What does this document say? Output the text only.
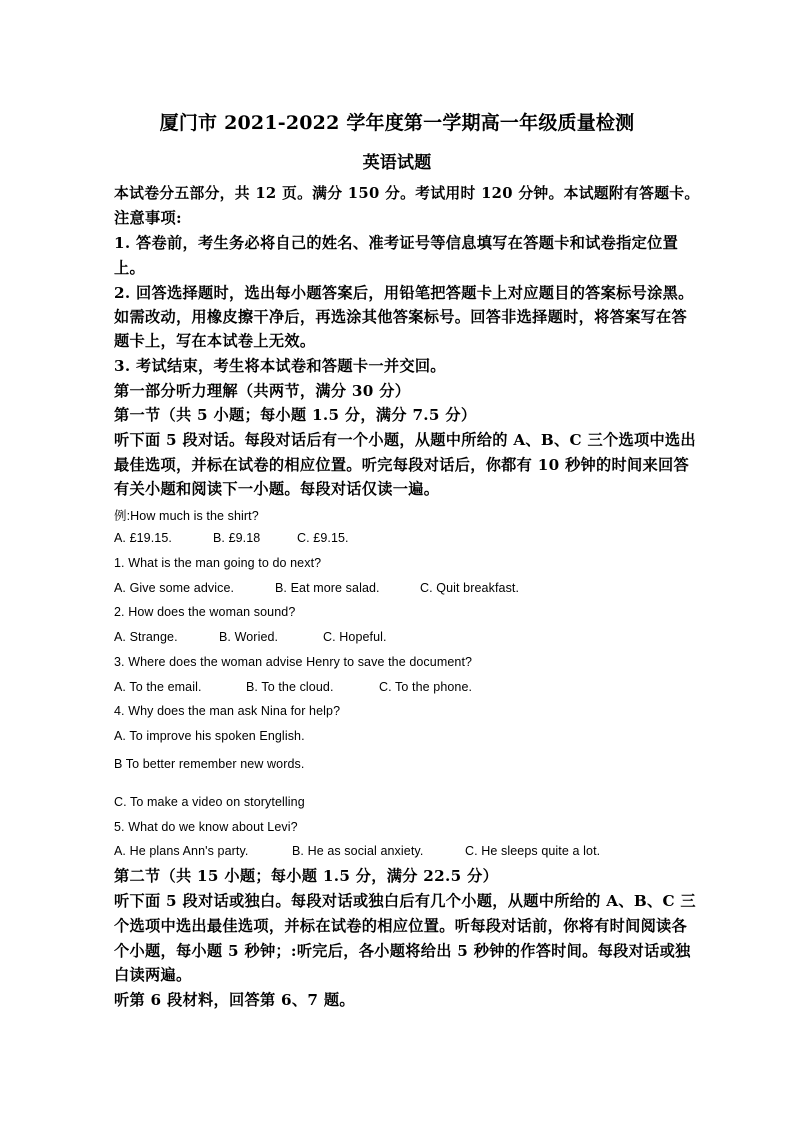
厦门市 2021-2022 学年度第一学期高一年级质量检测
英语试题
本试卷分五部分，共 12 页。满分 150 分。考试用时 120 分钟。本试题附有答题卡。
注意事项:
1. 答卷前，考生务必将自己的姓名、准考证号等信息填写在答题卡和试卷指定位置
上。
2. 回答选择题时，选出每小题答案后，用铅笔把答题卡上对应题目的答案标号涂黑。
如需改动，用橡皮擦干净后，再选涂其他答案标号。回答非选择题时，将答案写在答
题卡上，写在本试卷上无效。
3. 考试结束，考生将本试卷和答题卡一并交回。
第一部分听力理解（共两节，满分 30 分）
第一节（共 5 小题；每小题 1.5 分，满分 7.5 分）
听下面 5 段对话。每段对话后有一个小题，从题中所给的 A、B、C 三个选项中选出
最佳选项，并标在试卷的相应位置。听完每段对话后，你都有 10 秒钟的时间来回答
有关小题和阅读下一小题。每段对话仅读一遍。
例:How much is the shirt?
A. £19.15.	B. £9.18	C. £9.15.
1. What is the man going to do next?
A. Give some advice.	B. Eat more salad.	C. Quit breakfast.
2. How does the woman sound?
A. Strange.	B. Woried.	C. Hopeful.
3. Where does the woman advise Henry to save the document?
A. To the email.	B. To the cloud.	C. To the phone.
4. Why does the man ask Nina for help?
A. To improve his spoken English.
B To better remember new words.
C. To make a video on storytelling
5. What do we know about Levi?
A. He plans Ann's party.	B. He as social anxiety.	C. He sleeps quite a lot.
第二节（共 15 小题；每小题 1.5 分，满分 22.5 分）
听下面 5 段对话或独白。每段对话或独白后有几个小题，从题中所给的 A、B、C 三
个选项中选出最佳选项，并标在试卷的相应位置。听每段对话前，你将有时间阅读各
个小题，每小题 5 秒钟；:听完后，各小题将给出 5 秒钟的作答时间。每段对话或独
白读两遍。
听第 6 段材料，回答第 6、7 题。
